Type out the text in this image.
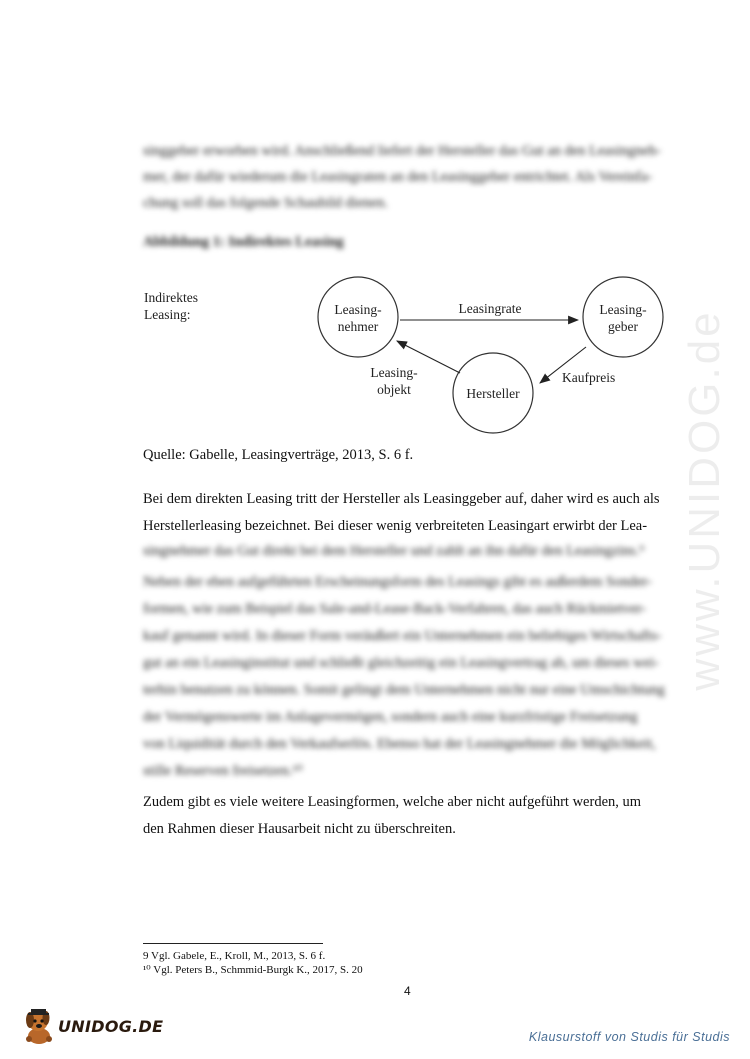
www.UNIDOG.de

singgeber erworben wird. Anschließend liefert der Hersteller das Gut an den Leasingneh-

mer, der dafür wiederum die Leasingraten an den Leasinggeber entrichtet. Als Vereinfa-

chung soll das folgende Schaubild dienen.

Abbildung 1: Indirektes Leasing
Indirektes
Leasing:	Leasing-
nehmer
Leasing-
geber
Hersteller
Leasingrate
Kaufpreis
Leasing-
objekt
Quelle: Gabelle, Leasingverträge, 2013, S. 6 f.

Bei dem direkten Leasing tritt der Hersteller als Leasinggeber auf, daher wird es auch als

Herstellerleasing bezeichnet. Bei dieser wenig verbreiteten Leasingart erwirbt der Lea-

singnehmer das Gut direkt bei dem Hersteller und zahlt an ihn dafür den Leasingzins.⁹

Neben der eben aufgeführten Erscheinungsform des Leasings gibt es außerdem Sonder-

formen, wie zum Beispiel das Sale-and-Lease-Back-Verfahren, das auch Rückmietver-

kauf genannt wird. In dieser Form veräußert ein Unternehmen ein beliebiges Wirtschafts-

gut an ein Leasinginstitut und schließt gleichzeitig ein Leasingvertrag ab, um dieses wei-

terhin benutzen zu können. Somit gelingt dem Unternehmen nicht nur eine Umschichtung

der Vermögenswerte im Anlagevermögen, sondern auch eine kurzfristige Freisetzung

von Liquidität durch den Verkaufserlös. Ebenso hat der Leasingnehmer die Möglichkeit,

stille Reserven freisetzen.¹⁰

Zudem gibt es viele weitere Leasingformen, welche aber nicht aufgeführt werden, um

den Rahmen dieser Hausarbeit nicht zu überschreiten.

9 Vgl. Gabele, E., Kroll, M., 2013, S. 6 f.
¹⁰ Vgl. Peters B., Schmmid-Burgk K., 2017, S. 20
4
UNIDOG.DE
Klausurstoff von Studis für Studis
